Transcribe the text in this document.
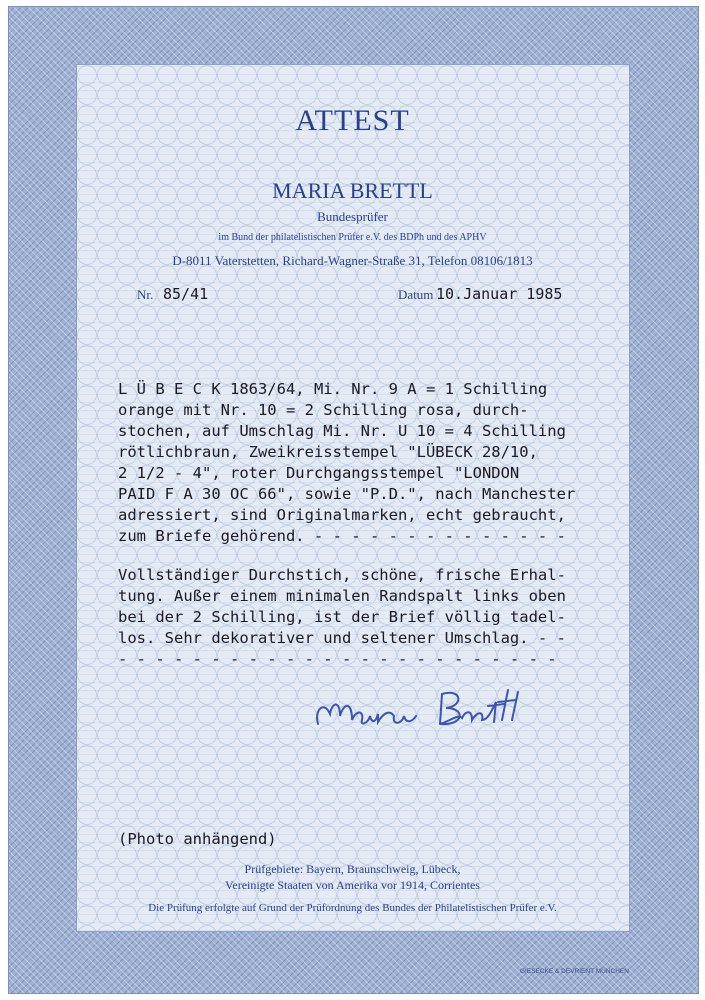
ATTEST
MARIA BRETTL
Bundesprüfer
im Bund der philatelistischen Prüfer e.V. des BDPh und des APHV
D-8011 Vaterstetten, Richard-Wagner-Straße 31, Telefon 08106/1813
Nr. 85/41	Datum 10.Januar 1985
L Ü B E C K 1863/64, Mi. Nr. 9 A = 1 Schilling
orange mit Nr. 10 = 2 Schilling rosa, durch-
stochen, auf Umschlag Mi. Nr. U 10 = 4 Schilling
rötlichbraun, Zweikreisstempel "LÜBECK 28/10,
2 1/2 - 4", roter Durchgangsstempel "LONDON
PAID F A 30 OC 66", sowie "P.D.", nach Manchester
adressiert, sind Originalmarken, echt gebraucht,
zum Briefe gehörend. - - - - - - - - - - - - - -
Vollständiger Durchstich, schöne, frische Erhal-
tung. Außer einem minimalen Randspalt links oben
bei der 2 Schilling, ist der Brief völlig tadel-
los. Sehr dekorativer und seltener Umschlag. - -
- - - - - - - - - - - - - - - - - - - - - - - -
(Photo anhängend)
Prüfgebiete: Bayern, Braunschweig, Lübeck,
Vereinigte Staaten von Amerika vor 1914, Corrientes
Die Prüfung erfolgte auf Grund der Prüfordnung des Bundes der Philatelistischen Prüfer e.V.
GIESECKE & DEVRIENT MÜNCHEN
